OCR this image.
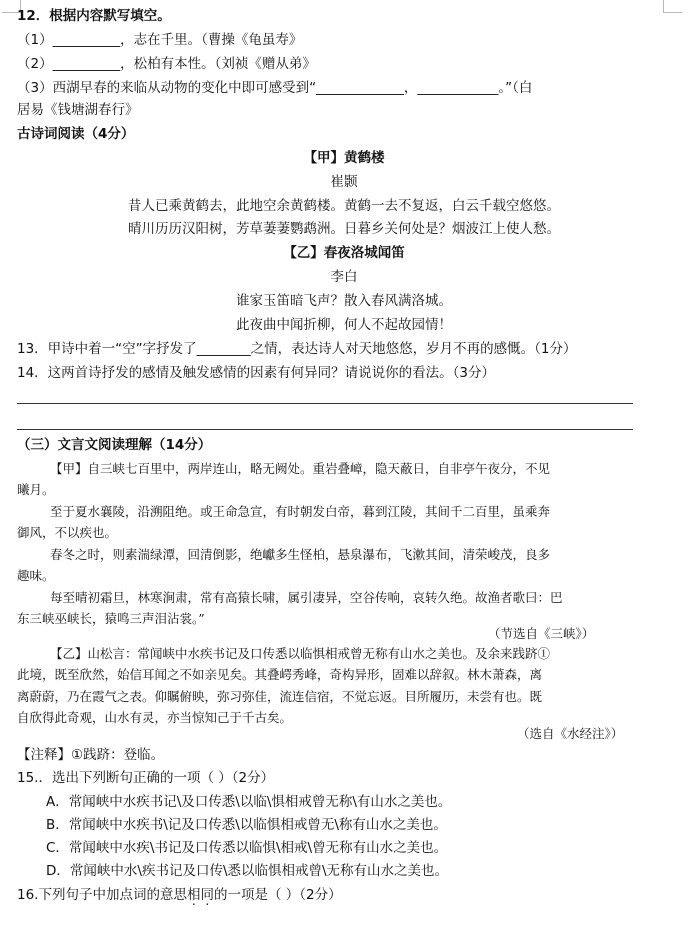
12．根据内容默写填空。
（1）__________，志在千里。（曹操《龟虽寿》
（2）__________，松柏有本性。（刘祯《赠从弟》
（3）西湖早春的来临从动物的变化中即可感受到“_____________，____________。”（白
居易《钱塘湖春行》
古诗词阅读（4分）
【甲】黄鹤楼
崔颢
昔人已乘黄鹤去，此地空余黄鹤楼。黄鹤一去不复返，白云千载空悠悠。
晴川历历汉阳树，芳草萋萋鹦鹉洲。日暮乡关何处是？烟波江上使人愁。
【乙】春夜洛城闻笛
李白
谁家玉笛暗飞声？散入春风满洛城。
此夜曲中闻折柳，何人不起故园情！
13．甲诗中着一“空”字抒发了________之情，表达诗人对天地悠悠，岁月不再的感慨。（1分）
14．这两首诗抒发的感情及触发感情的因素有何异同？请说说你的看法。（3分）
（三）文言文阅读理解（14分）
【甲】自三峡七百里中，两岸连山，略无阙处。重岩叠嶂，隐天蔽日，自非亭午夜分，不见
曦月。
至于夏水襄陵，沿溯阻绝。或王命急宣，有时朝发白帝，暮到江陵，其间千二百里，虽乘奔
御风，不以疾也。
春冬之时，则素湍绿潭，回清倒影，绝巘多生怪柏，悬泉瀑布，飞漱其间，清荣峻茂，良多
趣味。
每至晴初霜旦，林寒涧肃，常有高猿长啸，属引凄异，空谷传响，哀转久绝。故渔者歌曰：巴
东三峡巫峡长，猿鸣三声泪沾裳。”
（节选自《三峡》）
【乙】山松言：常闻峡中水疾书记及口传悉以临惧相戒曾无称有山水之美也。及余来践跻①
此境，既至欣然，始信耳闻之不如亲见矣。其叠崿秀峰，奇构异形，固难以辞叙。林木萧森，离
离蔚蔚，乃在霞气之表。仰瞩俯映，弥习弥佳，流连信宿，不觉忘返。目所履历，未尝有也。既
自欣得此奇观，山水有灵，亦当惊知己于千古矣。
（选自《水经注》）
【注释】①践跻：登临。
15.．选出下列断句正确的一项（ ）（2分）
A．常闻峡中水疾书记\及口传悉\以临\惧相戒曾无称\有山水之美也。
B．常闻峡中水疾书\记及口传悉\以临惧相戒曾无\称有山水之美也。
C．常闻峡中水疾\书记及口传悉以临惧\相戒\曾无称有山水之美也。
D．常闻峡中水\疾书记及口传\悉以临惧相戒曾\无称有山水之美也。
16.下列句子中加点词的意思相同的一项是（ ）（2分）
